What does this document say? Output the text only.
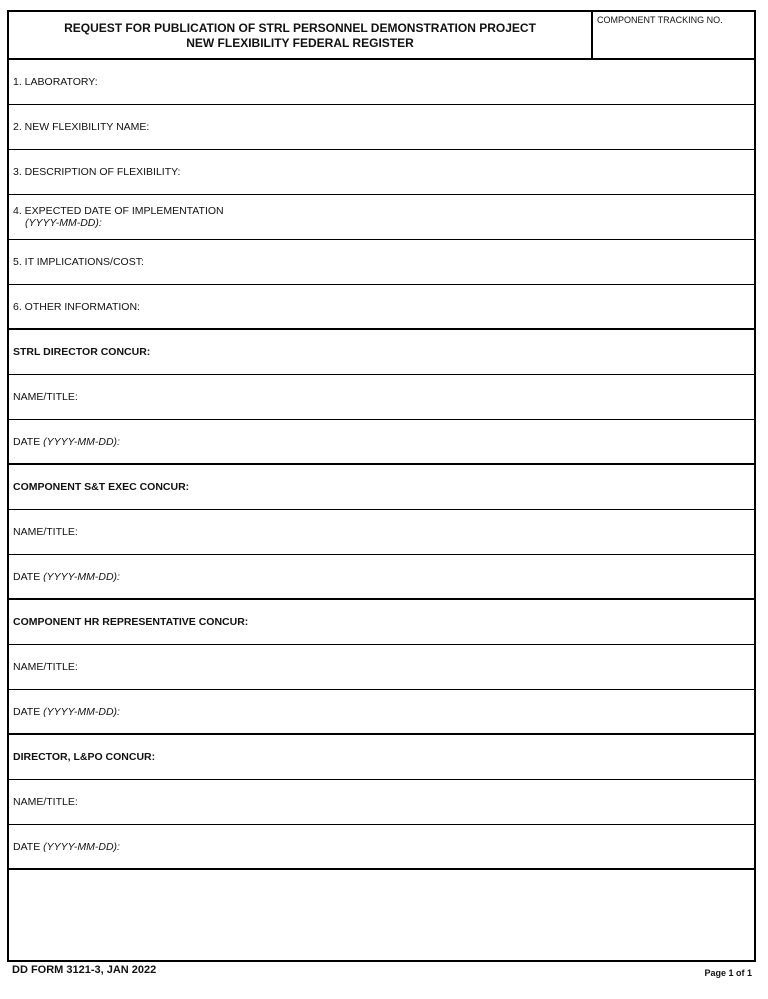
REQUEST FOR PUBLICATION OF STRL PERSONNEL DEMONSTRATION PROJECT
NEW FLEXIBILITY FEDERAL REGISTER
COMPONENT TRACKING NO.
1. LABORATORY:
2. NEW FLEXIBILITY NAME:
3. DESCRIPTION OF FLEXIBILITY:
4. EXPECTED DATE OF IMPLEMENTATION
(YYYY-MM-DD):
5. IT IMPLICATIONS/COST:
6. OTHER INFORMATION:
STRL DIRECTOR CONCUR:
NAME/TITLE:
DATE (YYYY-MM-DD):
COMPONENT S&T EXEC CONCUR:
NAME/TITLE:
DATE (YYYY-MM-DD):
COMPONENT HR REPRESENTATIVE CONCUR:
NAME/TITLE:
DATE (YYYY-MM-DD):
DIRECTOR, L&PO CONCUR:
NAME/TITLE:
DATE (YYYY-MM-DD):
DD FORM 3121-3, JAN 2022	Page 1 of 1
